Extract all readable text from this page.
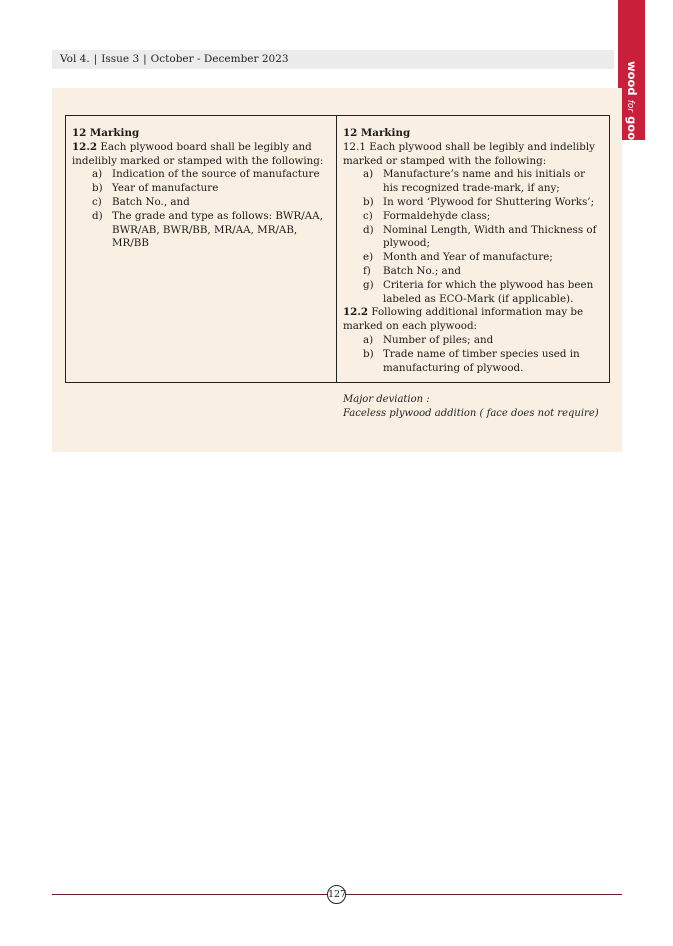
Vol 4. | Issue 3 | October - December 2023
wood for good
12 Marking
12.2 Each plywood board shall be legibly and indelibly marked or stamped with the following:
a) Indication of the source of manufacture
b) Year of manufacture
c) Batch No., and
d) The grade and type as follows: BWR/AA, BWR/AB, BWR/BB, MR/AA, MR/AB, MR/BB
12 Marking
12.1 Each plywood shall be legibly and indelibly marked or stamped with the following:
a) Manufacture’s name and his initials or his recognized trade-mark, if any;
b) In word ‘Plywood for Shuttering Works’;
c) Formaldehyde class;
d) Nominal Length, Width and Thickness of plywood;
e) Month and Year of manufacture;
f)	Batch No.; and
g) Criteria for which the plywood has been labeled as ECO-Mark (if applicable).
12.2 Following additional information may be marked on each plywood:
a) Number of piles; and
b) Trade name of timber species used in manufacturing of plywood.
Major deviation :
Faceless plywood addition ( face does not require)
127
